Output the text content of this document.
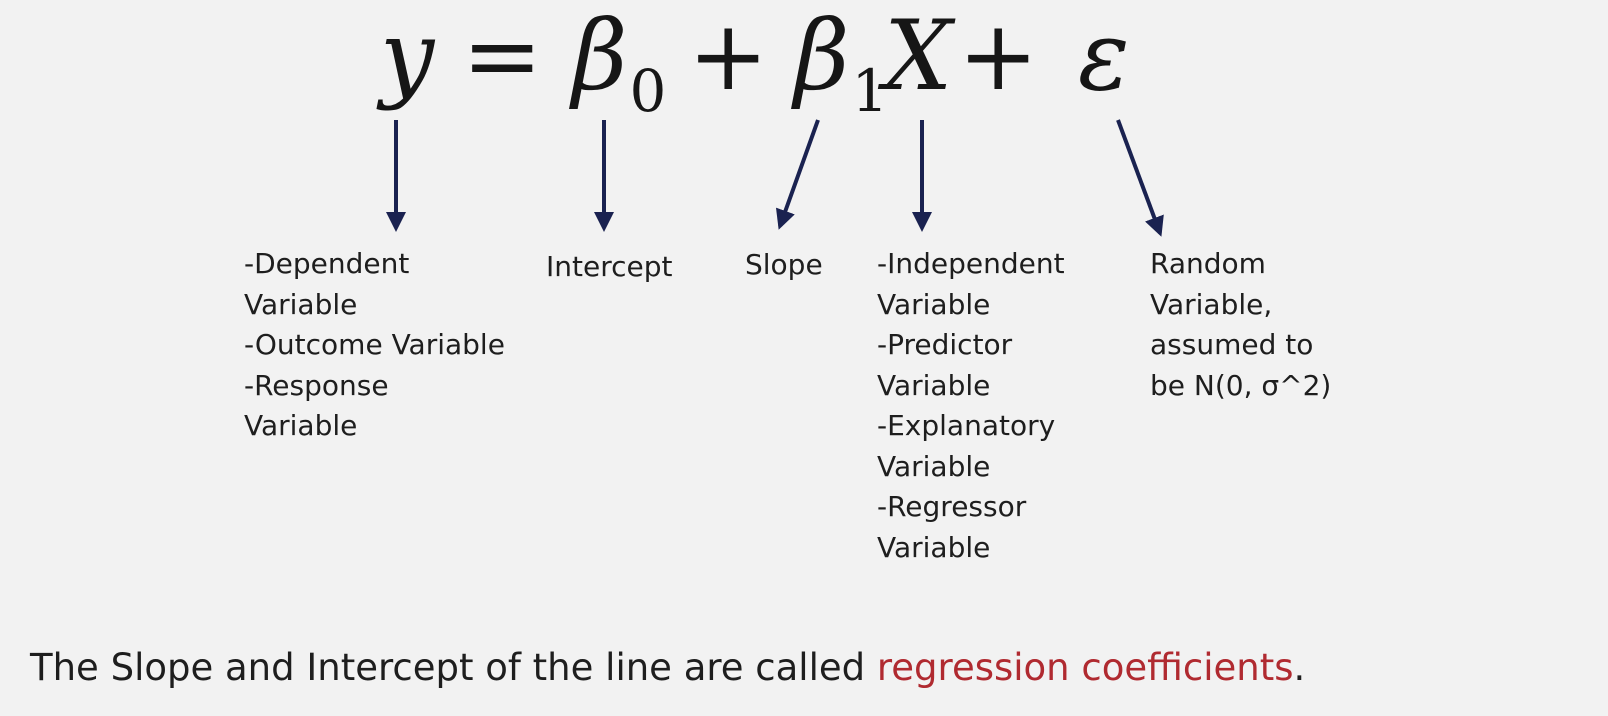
$y = \beta_0 + \beta_1$
X + ε
-Dependent
Variable
-Outcome Variable
-Response
Variable
Intercept	Slope -Independent
Variable
-Predictor
Variable
-Explanatory
Variable
-Regressor
Variable
Random
Variable,
assumed to
be N(0, σ^2)
The Slope and Intercept of the line are called regression coefficients.
